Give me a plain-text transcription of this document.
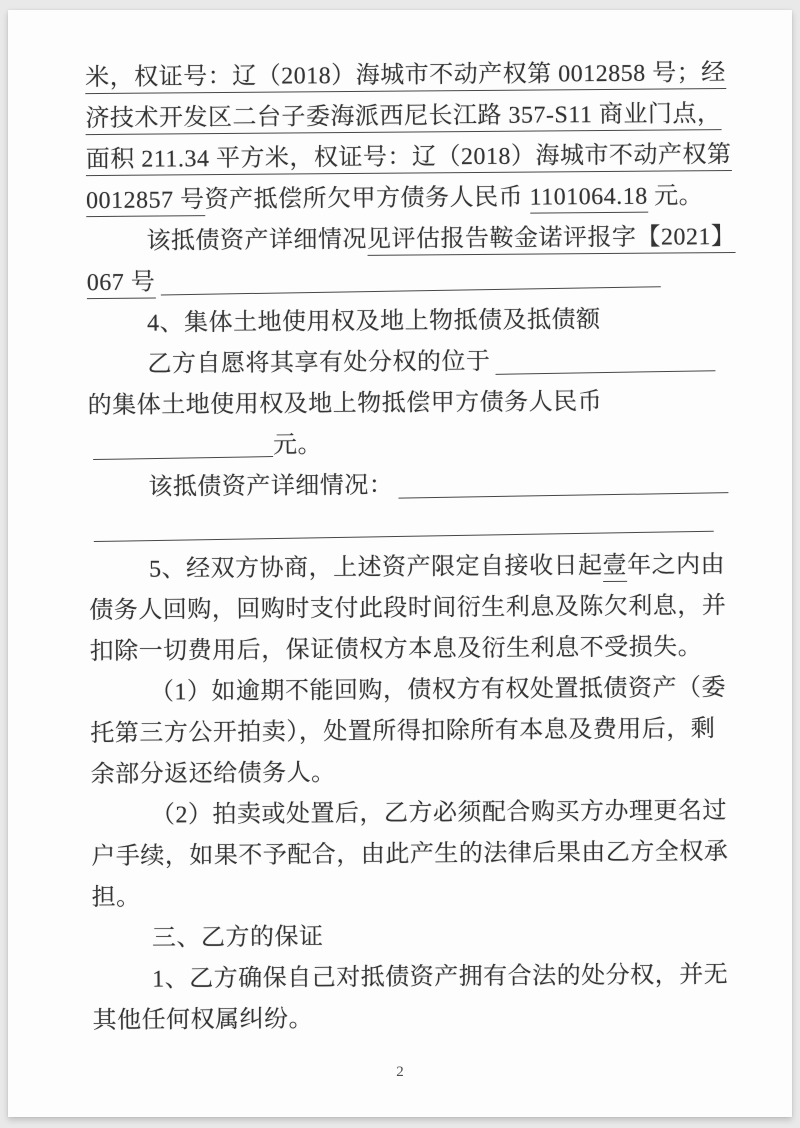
米，权证号：辽（2018）海城市不动产权第 0012858 号；经

济技术开发区二台子委海派西尼长江路 357-S11 商业门点，

面积 211.34 平方米，权证号：辽（2018）海城市不动产权第

0012857 号资产抵偿所欠甲方债务人民币 1101064.18 元。

该抵债资产详细情况见评估报告鞍金诺评报字【2021】

067 号

4、集体土地使用权及地上物抵债及抵债额

乙方自愿将其享有处分权的位于

的集体土地使用权及地上物抵偿甲方债务人民币

元。

该抵债资产详细情况：

5、经双方协商，上述资产限定自接收日起壹年之内由

债务人回购，回购时支付此段时间衍生利息及陈欠利息，并

扣除一切费用后，保证债权方本息及衍生利息不受损失。

（1）如逾期不能回购，债权方有权处置抵债资产（委

托第三方公开拍卖），处置所得扣除所有本息及费用后，剩

余部分返还给债务人。

（2）拍卖或处置后，乙方必须配合购买方办理更名过

户手续，如果不予配合，由此产生的法律后果由乙方全权承

担。

三、乙方的保证

1、乙方确保自己对抵债资产拥有合法的处分权，并无

其他任何权属纠纷。

2
